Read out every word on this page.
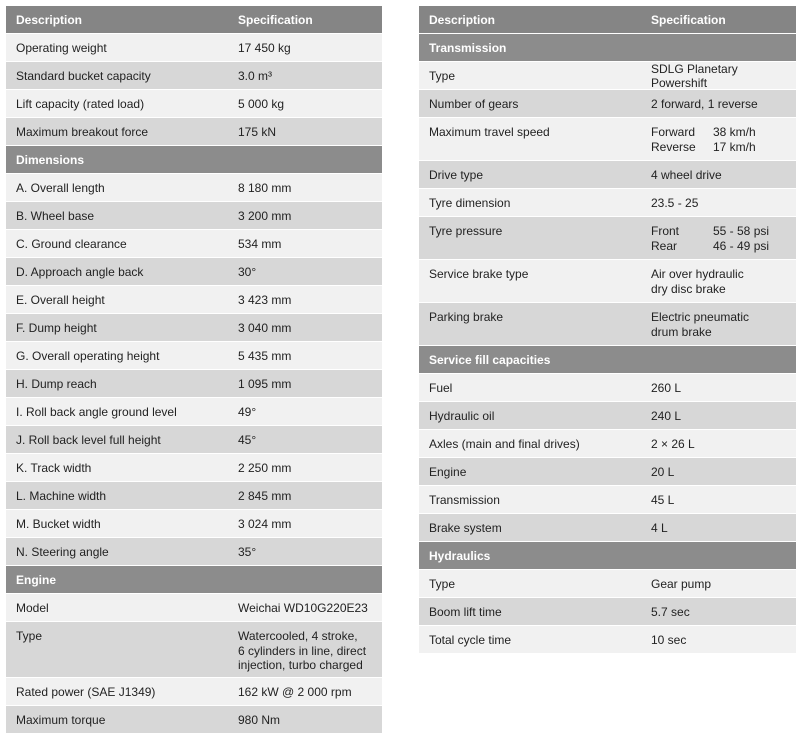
Description	Specification
Operating weight	17 450 kg
Standard bucket capacity	3.0 m³
Lift capacity (rated load)	5 000 kg
Maximum breakout force	175 kN
Dimensions
A. Overall length	8 180 mm
B. Wheel base	3 200 mm
C. Ground clearance	534 mm
D. Approach angle back	30°
E. Overall height	3 423 mm
F. Dump height	3 040 mm
G. Overall operating height	5 435 mm
H. Dump reach	1 095 mm
I. Roll back angle ground level	49°
J. Roll back level full height	45°
K. Track width	2 250 mm
L. Machine width	2 845 mm
M. Bucket width	3 024 mm
N. Steering angle	35°
Engine
Model	Weichai WD10G220E23
Type	Watercooled, 4 stroke,
6 cylinders in line, direct
injection, turbo charged
Rated power (SAE J1349)	162 kW @ 2 000 rpm
Maximum torque	980 Nm
Description	Specification
Transmission
Type	SDLG Planetary Powershift
Number of gears	2 forward, 1 reverse
Maximum travel speed	Forward	38 km/h
Reverse	17 km/h
Drive type	4 wheel drive
Tyre dimension	23.5 - 25
Tyre pressure	Front	55 - 58 psi
Rear	46 - 49 psi
Service brake type	Air over hydraulic
dry disc brake
Parking brake	Electric pneumatic
drum brake
Service fill capacities
Fuel	260 L
Hydraulic oil	240 L
Axles (main and final drives)	2 × 26 L
Engine	20 L
Transmission	45 L
Brake system	4 L
Hydraulics
Type	Gear pump
Boom lift time	5.7 sec
Total cycle time	10 sec
